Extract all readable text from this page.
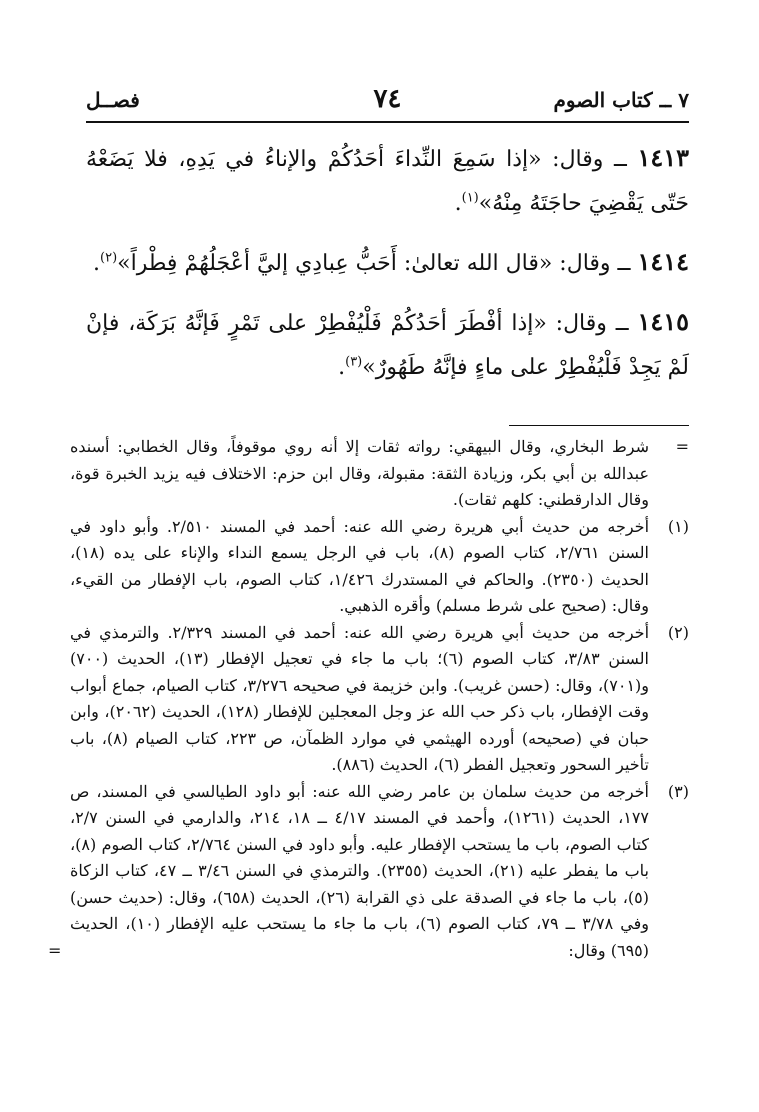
٧ ــ كتاب الصوم
٧٤
فصــل

١٤١٣ ــ وقال: «إذا سَمِعَ النِّداءَ أحَدُكُمْ والإناءُ في يَدِهِ، فلا يَضَعْهُ حَتّى يَقْضِيَ حاجَتَهُ مِنْهُ»$^{(١)}$.

١٤١٤ ــ وقال: «قال الله تعالىٰ: أَحَبُّ عِبادِي إليَّ أعْجَلُهُمْ فِطْراً»$^{(٢)}$.

١٤١٥ ــ وقال: «إذا أفْطَرَ أحَدُكُمْ فَلْيُفْطِرْ على تَمْرٍ فَإنَّهُ بَرَكَة، فإنْ لَمْ يَجِدْ فَلْيُفْطِرْ على ماءٍ فإنَّهُ طَهُورٌ»$^{(٣)}$.

=
شرط البخاري، وقال البيهقي: رواته ثقات إلا أنه روي موقوفاً، وقال الخطابي: أسنده عبدالله بن أبي بكر، وزيادة الثقة: مقبولة، وقال ابن حزم: الاختلاف فيه يزيد الخبرة قوة، وقال الدارقطني: كلهم ثقات).

(١)
أخرجه من حديث أبي هريرة رضي الله عنه: أحمد في المسند ٢/٥١٠. وأبو داود في السنن ٢/٧٦١، كتاب الصوم (٨)، باب في الرجل يسمع النداء والإناء على يده (١٨)، الحديث (٢٣٥٠). والحاكم في المستدرك ١/٤٢٦، كتاب الصوم، باب الإفطار من القيء، وقال: (صحيح على شرط مسلم) وأقره الذهبي.

(٢)
أخرجه من حديث أبي هريرة رضي الله عنه: أحمد في المسند ٢/٣٢٩. والترمذي في السنن ٣/٨٣، كتاب الصوم (٦)؛ باب ما جاء في تعجيل الإفطار (١٣)، الحديث (٧٠٠) و(٧٠١)، وقال: (حسن غريب). وابن خزيمة في صحيحه ٣/٢٧٦، كتاب الصيام، جماع أبواب وقت الإفطار، باب ذكر حب الله عز وجل المعجلين للإفطار (١٢٨)، الحديث (٢٠٦٢)، وابن حبان في (صحيحه) أورده الهيثمي في موارد الظمآن، ص ٢٢٣، كتاب الصيام (٨)، باب تأخير السحور وتعجيل الفطر (٦)، الحديث (٨٨٦).

(٣)
أخرجه من حديث سلمان بن عامر رضي الله عنه: أبو داود الطيالسي في المسند، ص ١٧٧، الحديث (١٢٦١)، وأحمد في المسند ٤/١٧ ــ ١٨، ٢١٤، والدارمي في السنن ٢/٧، كتاب الصوم، باب ما يستحب الإفطار عليه. وأبو داود في السنن ٢/٧٦٤، كتاب الصوم (٨)، باب ما يفطر عليه (٢١)، الحديث (٢٣٥٥). والترمذي في السنن ٣/٤٦ ــ ٤٧، كتاب الزكاة (٥)، باب ما جاء في الصدقة على ذي القرابة (٢٦)، الحديث (٦٥٨)، وقال: (حديث حسن) وفي ٣/٧٨ ــ ٧٩، كتاب الصوم (٦)، باب ما جاء ما يستحب عليه الإفطار (١٠)، الحديث (٦٩٥) وقال:
=
